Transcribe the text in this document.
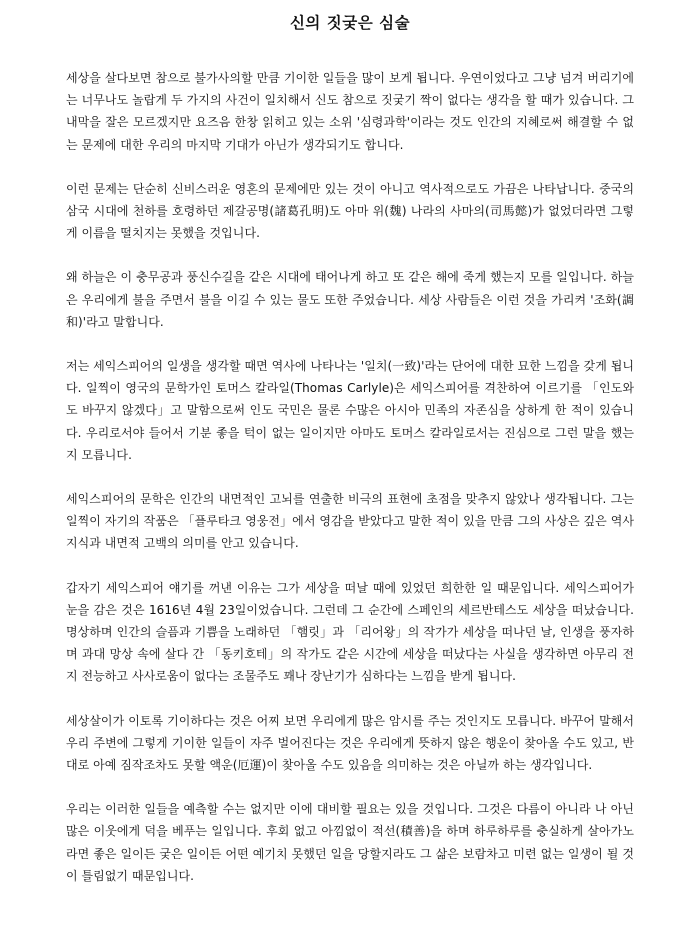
신의 짓궂은 심술

세상을 살다보면 참으로 불가사의할 만큼 기이한 일들을 많이 보게 됩니다. 우연이었다고 그냥 넘겨 버리기에는 너무나도 놀랍게 두 가지의 사건이 일치해서 신도 참으로 짓궂기 짝이 없다는 생각을 할 때가 있습니다. 그 내막을 잘은 모르겠지만 요즈음 한창 읽히고 있는 소위 '심령과학'이라는 것도 인간의 지혜로써 해결할 수 없는 문제에 대한 우리의 마지막 기대가 아닌가 생각되기도 합니다.

이런 문제는 단순히 신비스러운 영혼의 문제에만 있는 것이 아니고 역사적으로도 가끔은 나타납니다. 중국의 삼국 시대에 천하를 호령하던 제갈공명(諸葛孔明)도 아마 위(魏) 나라의 사마의(司馬懿)가 없었더라면 그렇게 이름을 떨치지는 못했을 것입니다.

왜 하늘은 이 충무공과 풍신수길을 같은 시대에 태어나게 하고 또 같은 해에 죽게 했는지 모를 일입니다. 하늘은 우리에게 불을 주면서 불을 이길 수 있는 물도 또한 주었습니다. 세상 사람들은 이런 것을 가리켜 '조화(調和)'라고 말합니다.

저는 세익스피어의 일생을 생각할 때면 역사에 나타나는 '일치(一致)'라는 단어에 대한 묘한 느낌을 갖게 됩니다. 일찍이 영국의 문학가인 토머스 칼라일(Thomas Carlyle)은 세익스피어를 격찬하여 이르기를 「인도와도 바꾸지 않겠다」고 말함으로써 인도 국민은 물론 수많은 아시아 민족의 자존심을 상하게 한 적이 있습니다. 우리로서야 들어서 기분 좋을 턱이 없는 일이지만 아마도 토머스 칼라일로서는 진심으로 그런 말을 했는지 모릅니다.

세익스피어의 문학은 인간의 내면적인 고뇌를 연출한 비극의 표현에 초점을 맞추지 않았나 생각됩니다. 그는 일찍이 자기의 작품은 「플루타크 영웅전」에서 영감을 받았다고 말한 적이 있을 만큼 그의 사상은 깊은 역사 지식과 내면적 고백의 의미를 안고 있습니다.

갑자기 세익스피어 얘기를 꺼낸 이유는 그가 세상을 떠날 때에 있었던 희한한 일 때문입니다. 세익스피어가 눈을 감은 것은 1616년 4월 23일이었습니다. 그런데 그 순간에 스페인의 세르반테스도 세상을 떠났습니다. 명상하며 인간의 슬픔과 기쁨을 노래하던 「햄릿」과 「리어왕」의 작가가 세상을 떠나던 날, 인생을 풍자하며 과대 망상 속에 살다 간 「동키호테」의 작가도 같은 시간에 세상을 떠났다는 사실을 생각하면 아무리 전지 전능하고 사사로움이 없다는 조물주도 꽤나 장난기가 심하다는 느낌을 받게 됩니다.

세상살이가 이토록 기이하다는 것은 어찌 보면 우리에게 많은 암시를 주는 것인지도 모릅니다. 바꾸어 말해서 우리 주변에 그렇게 기이한 일들이 자주 벌어진다는 것은 우리에게 뜻하지 않은 행운이 찾아올 수도 있고, 반대로 아예 짐작조차도 못할 액운(厄運)이 찾아올 수도 있음을 의미하는 것은 아닐까 하는 생각입니다.

우리는 이러한 일들을 예측할 수는 없지만 이에 대비할 필요는 있을 것입니다. 그것은 다름이 아니라 나 아닌 많은 이웃에게 덕을 베푸는 일입니다. 후회 없고 아낌없이 적선(積善)을 하며 하루하루를 충실하게 살아가노라면 좋은 일이든 궂은 일이든 어떤 예기치 못했던 일을 당할지라도 그 삶은 보람차고 미련 없는 일생이 될 것이 틀림없기 때문입니다.
